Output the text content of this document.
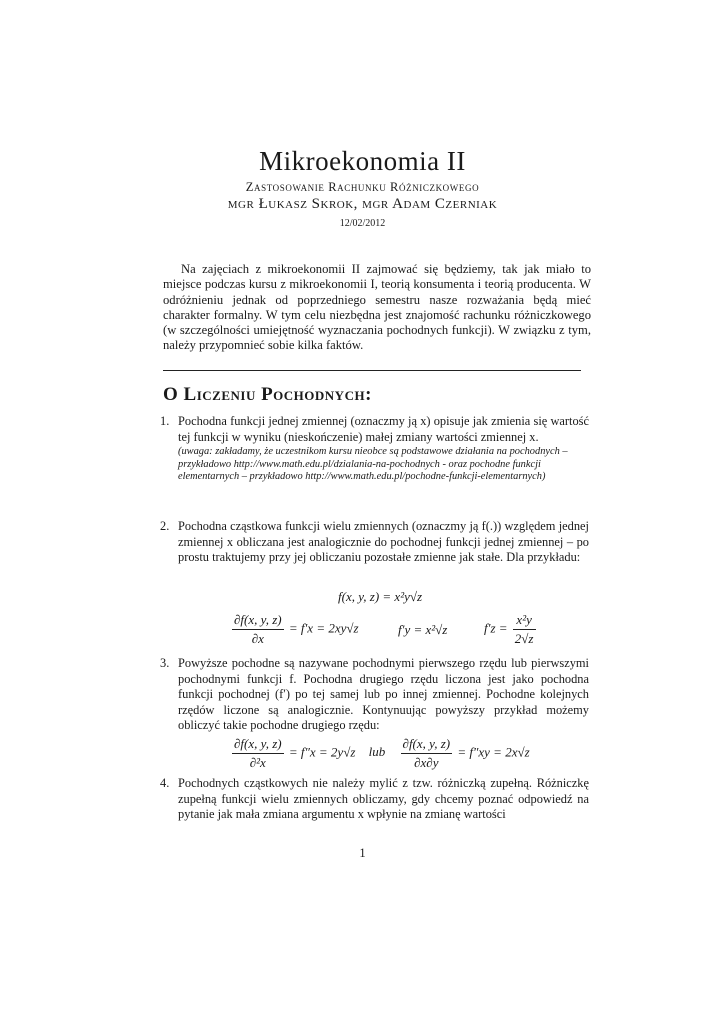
Mikroekonomia II
Zastosowanie Rachunku Różniczkowego
mgr Łukasz Skrok, mgr Adam Czerniak
12/02/2012
Na zajęciach z mikroekonomii II zajmować się będziemy, tak jak miało to miejsce podczas kursu z mikroekonomii I, teorią konsumenta i teorią producenta. W odróżnieniu jednak od poprzedniego semestru nasze rozważania będą mieć charakter formalny. W tym celu niezbędna jest znajomość rachunku różniczkowego (w szczególności umiejętność wyznaczania pochodnych funkcji). W związku z tym, należy przypomnieć sobie kilka faktów.
O Liczeniu Pochodnych:
1. Pochodna funkcji jednej zmiennej (oznaczmy ją x) opisuje jak zmienia się wartość tej funkcji w wyniku (nieskończenie) małej zmiany wartości zmiennej x.
(uwaga: zakładamy, że uczestnikom kursu nieobce są podstawowe działania na pochodnych – przykładowo http://www.math.edu.pl/dzialania-na-pochodnych - oraz pochodne funkcji elementarnych – przykładowo http://www.math.edu.pl/pochodne-funkcji-elementarnych)
2. Pochodna cząstkowa funkcji wielu zmiennych (oznaczmy ją f(.)) względem jednej zmiennej x obliczana jest analogicznie do pochodnej funkcji jednej zmiennej – po prostu traktujemy przy jej obliczaniu pozostałe zmienne jak stałe. Dla przykładu:
f(x, y, z) = x²y√z
$\frac{\partial f(x, y, z)}{\partial x} = f'x = 2xy√z$	f′y = x²√z	$f'z = \frac{\text{x²y}}{2√z}$
3. Powyższe pochodne są nazywane pochodnymi pierwszego rzędu lub pierwszymi pochodnymi funkcji f. Pochodna drugiego rzędu liczona jest jako pochodna funkcji pochodnej (f′) po tej samej lub po innej zmiennej. Pochodne kolejnych rzędów liczone są analogicznie. Kontynuując powyższy przykład możemy obliczyć takie pochodne drugiego rzędu:
$\frac{\partial f(x, y, z)}{\text{∂²x}} = f''x = 2y√z$ lub $\frac{\partial f(x, y, z)}{\partial x\partial y} = f''xy = 2x√z$
4. Pochodnych cząstkowych nie należy mylić z tzw. różniczką zupełną. Różniczkę zupełną funkcji wielu zmiennych obliczamy, gdy chcemy poznać odpowiedź na pytanie jak mała zmiana argumentu x wpłynie na zmianę wartości
1
